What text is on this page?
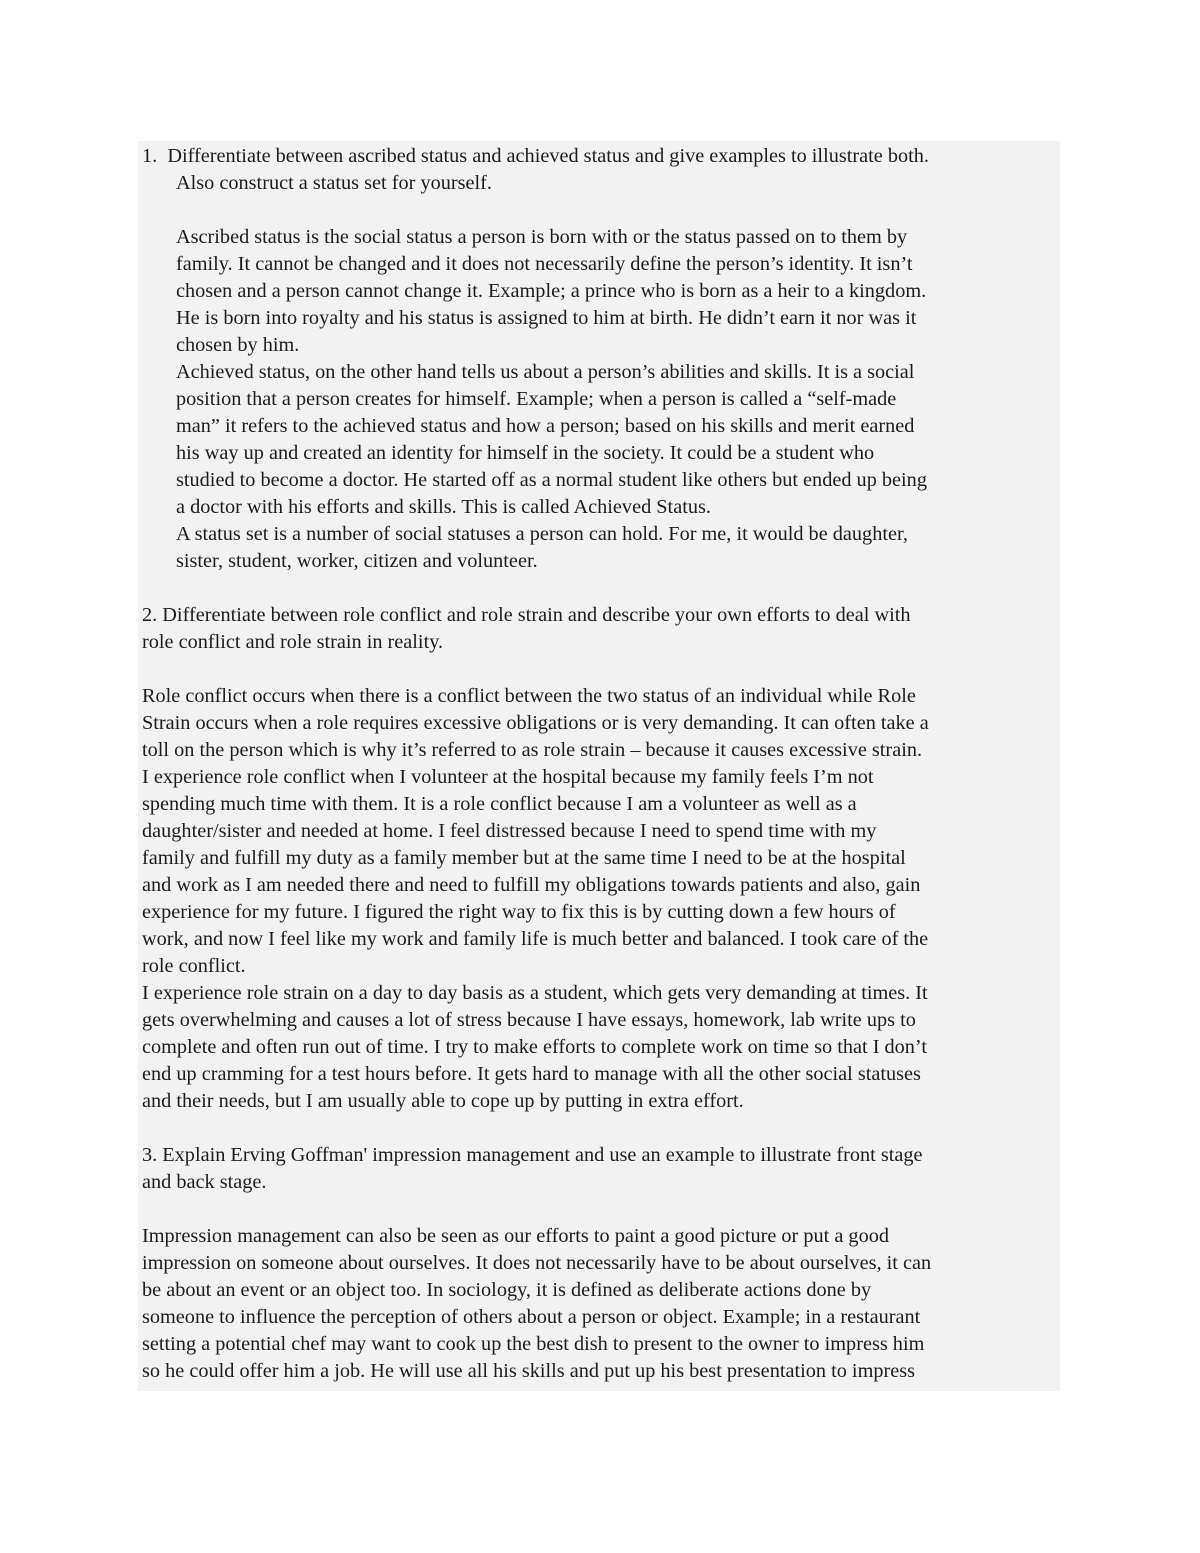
1.  Differentiate between ascribed status and achieved status and give examples to illustrate both.
Also construct a status set for yourself.
Ascribed status is the social status a person is born with or the status passed on to them by
family. It cannot be changed and it does not necessarily define the person’s identity. It isn’t
chosen and a person cannot change it. Example; a prince who is born as a heir to a kingdom.
He is born into royalty and his status is assigned to him at birth. He didn’t earn it nor was it
chosen by him.
Achieved status, on the other hand tells us about a person’s abilities and skills. It is a social
position that a person creates for himself. Example; when a person is called a “self-made
man” it refers to the achieved status and how a person; based on his skills and merit earned
his way up and created an identity for himself in the society. It could be a student who
studied to become a doctor. He started off as a normal student like others but ended up being
a doctor with his efforts and skills. This is called Achieved Status.
A status set is a number of social statuses a person can hold. For me, it would be daughter,
sister, student, worker, citizen and volunteer.
2. Differentiate between role conflict and role strain and describe your own efforts to deal with
role conflict and role strain in reality.
Role conflict occurs when there is a conflict between the two status of an individual while Role
Strain occurs when a role requires excessive obligations or is very demanding. It can often take a
toll on the person which is why it’s referred to as role strain – because it causes excessive strain.
I experience role conflict when I volunteer at the hospital because my family feels I’m not
spending much time with them. It is a role conflict because I am a volunteer as well as a
daughter/sister and needed at home. I feel distressed because I need to spend time with my
family and fulfill my duty as a family member but at the same time I need to be at the hospital
and work as I am needed there and need to fulfill my obligations towards patients and also, gain
experience for my future. I figured the right way to fix this is by cutting down a few hours of
work, and now I feel like my work and family life is much better and balanced. I took care of the
role conflict.
I experience role strain on a day to day basis as a student, which gets very demanding at times. It
gets overwhelming and causes a lot of stress because I have essays, homework, lab write ups to
complete and often run out of time. I try to make efforts to complete work on time so that I don’t
end up cramming for a test hours before. It gets hard to manage with all the other social statuses
and their needs, but I am usually able to cope up by putting in extra effort.
3. Explain Erving Goffman' impression management and use an example to illustrate front stage
and back stage.
Impression management can also be seen as our efforts to paint a good picture or put a good
impression on someone about ourselves. It does not necessarily have to be about ourselves, it can
be about an event or an object too. In sociology, it is defined as deliberate actions done by
someone to influence the perception of others about a person or object. Example; in a restaurant
setting a potential chef may want to cook up the best dish to present to the owner to impress him
so he could offer him a job. He will use all his skills and put up his best presentation to impress
